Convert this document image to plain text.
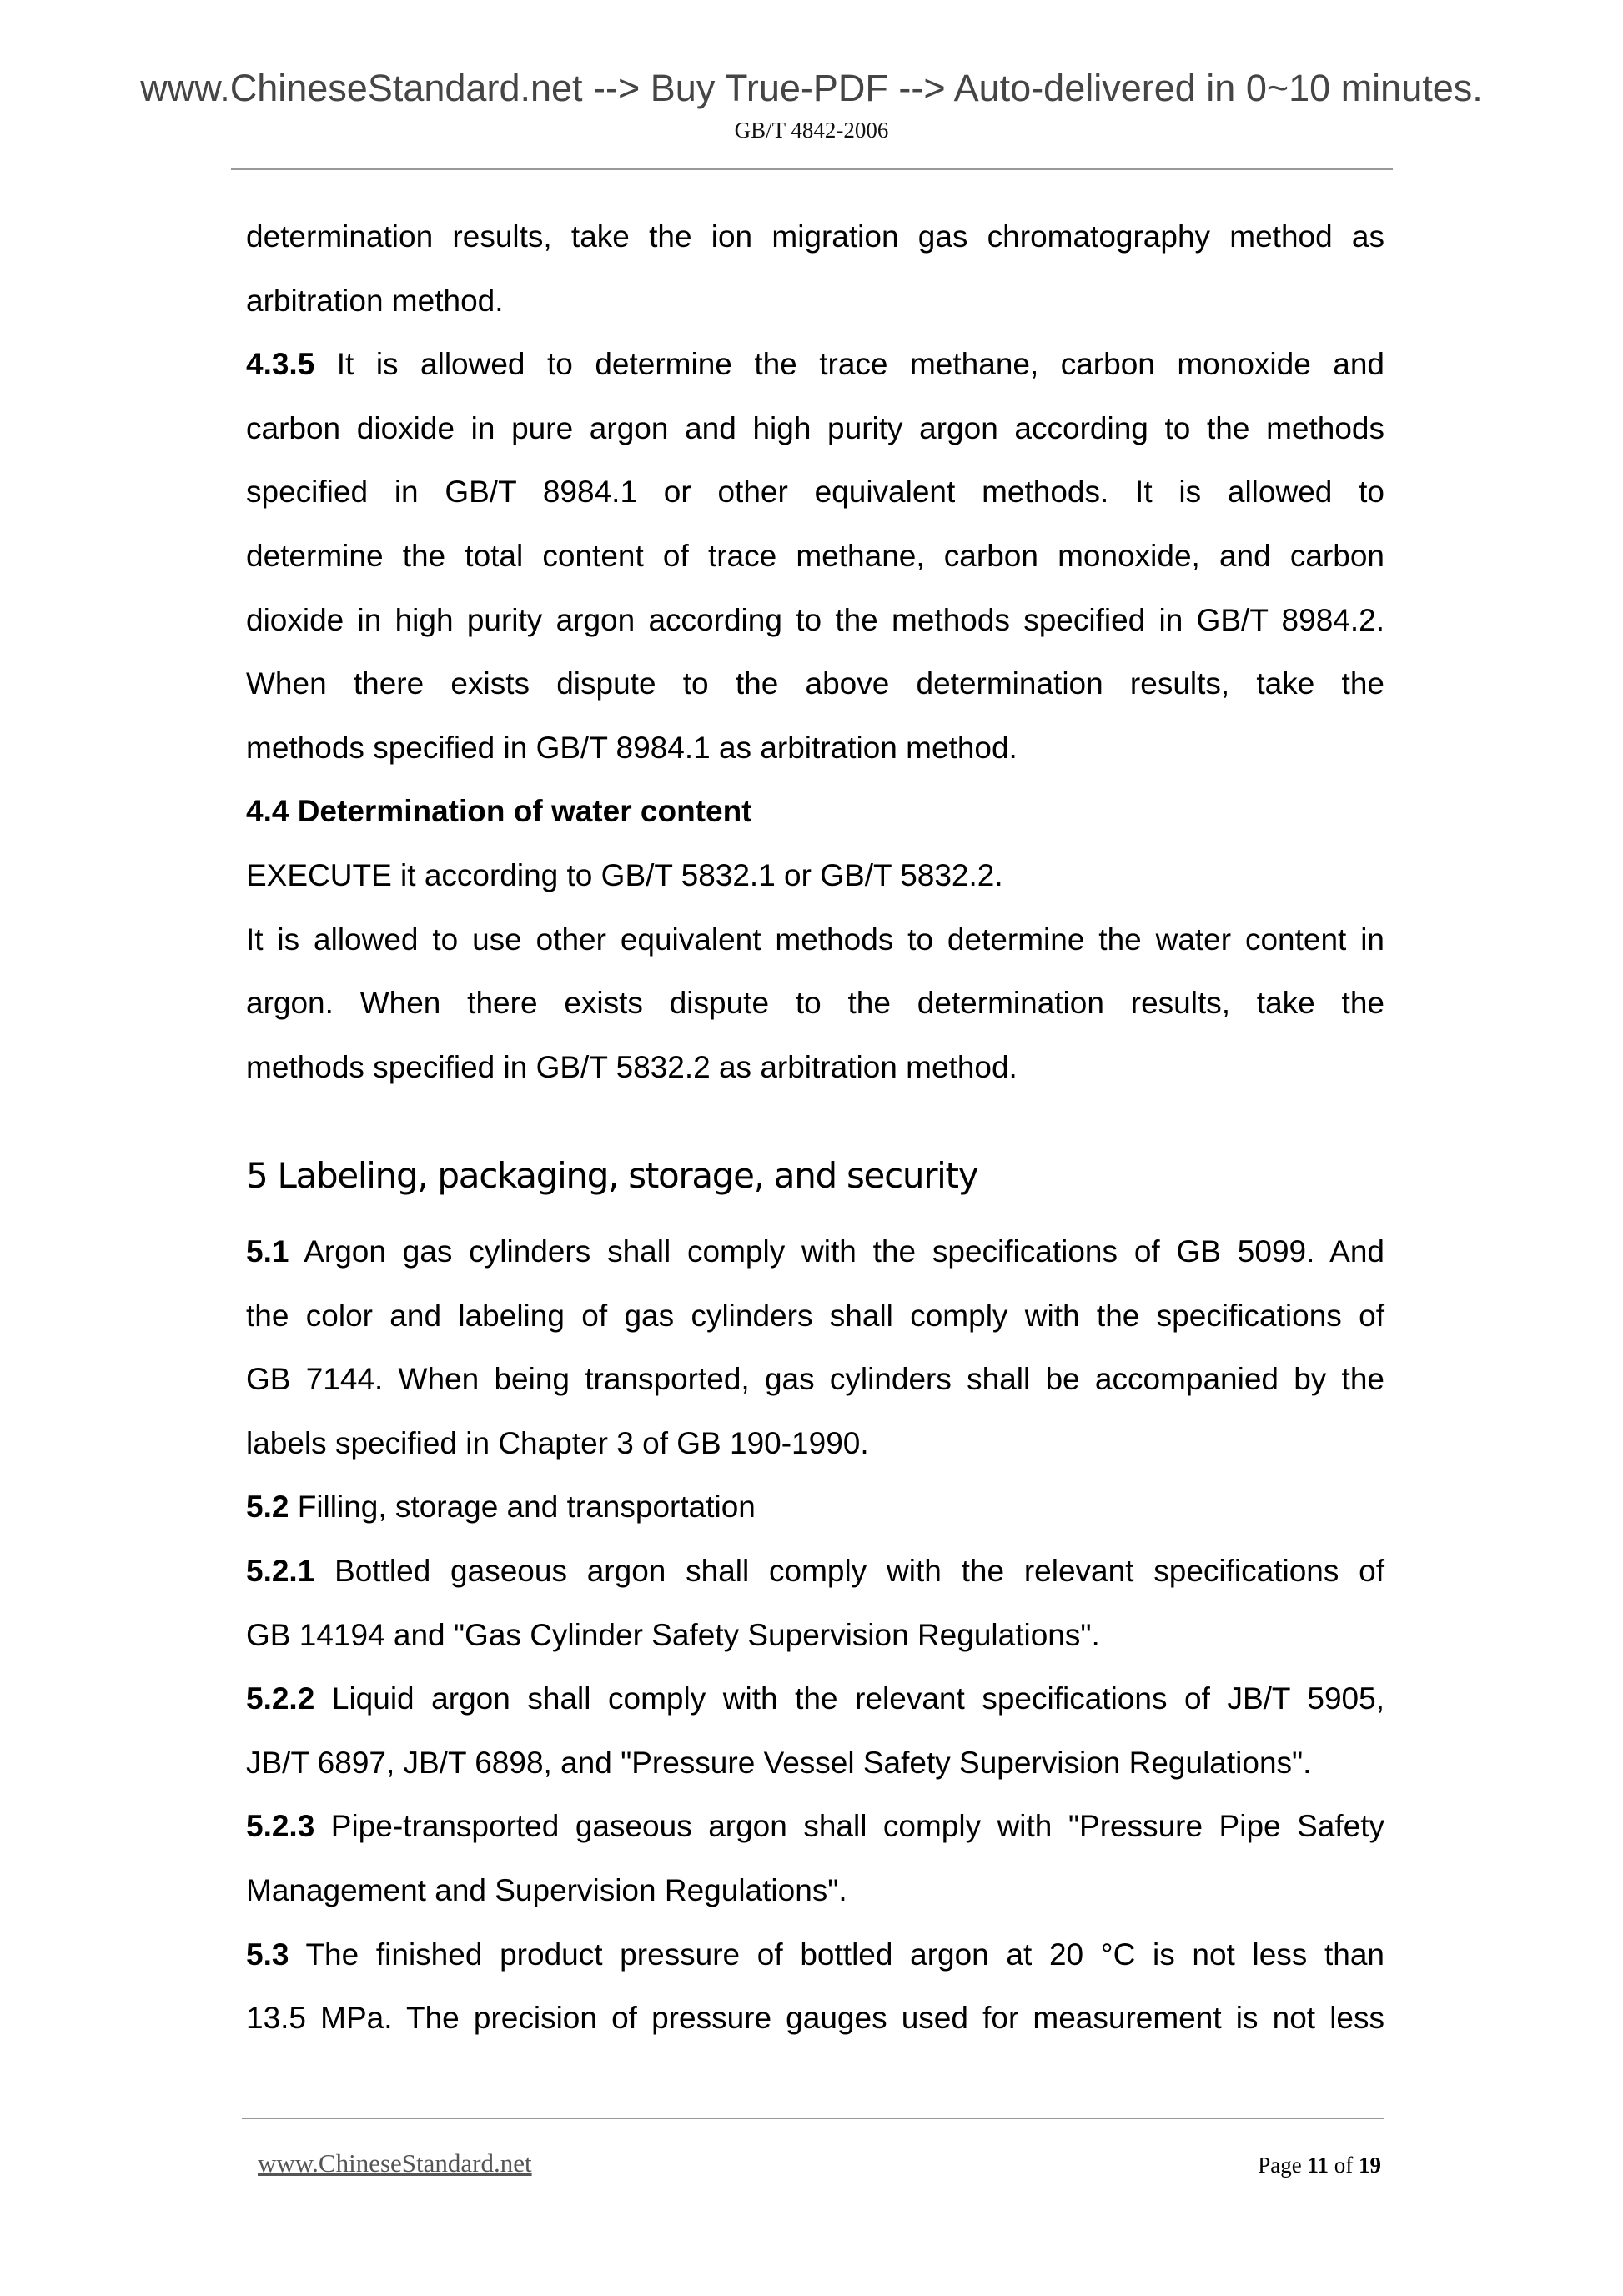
www.ChineseStandard.net --> Buy True-PDF --> Auto-delivered in 0~10 minutes.
GB/T 4842-2006
determination results, take the ion migration gas chromatography method as
arbitration method.
4.3.5 It is allowed to determine the trace methane, carbon monoxide and
carbon dioxide in pure argon and high purity argon according to the methods
specified in GB/T 8984.1 or other equivalent methods. It is allowed to
determine the total content of trace methane, carbon monoxide, and carbon
dioxide in high purity argon according to the methods specified in GB/T 8984.2.
When there exists dispute to the above determination results, take the
methods specified in GB/T 8984.1 as arbitration method.
4.4 Determination of water content
EXECUTE it according to GB/T 5832.1 or GB/T 5832.2.
It is allowed to use other equivalent methods to determine the water content in
argon. When there exists dispute to the determination results, take the
methods specified in GB/T 5832.2 as arbitration method.
5 Labeling, packaging, storage, and security
5.1 Argon gas cylinders shall comply with the specifications of GB 5099. And
the color and labeling of gas cylinders shall comply with the specifications of
GB 7144. When being transported, gas cylinders shall be accompanied by the
labels specified in Chapter 3 of GB 190-1990.
5.2 Filling, storage and transportation
5.2.1 Bottled gaseous argon shall comply with the relevant specifications of
GB 14194 and "Gas Cylinder Safety Supervision Regulations".
5.2.2 Liquid argon shall comply with the relevant specifications of JB/T 5905,
JB/T 6897, JB/T 6898, and "Pressure Vessel Safety Supervision Regulations".
5.2.3 Pipe-transported gaseous argon shall comply with "Pressure Pipe Safety
Management and Supervision Regulations".
5.3 The finished product pressure of bottled argon at 20 °C is not less than
13.5 MPa. The precision of pressure gauges used for measurement is not less
www.ChineseStandard.net	Page 11 of 19
